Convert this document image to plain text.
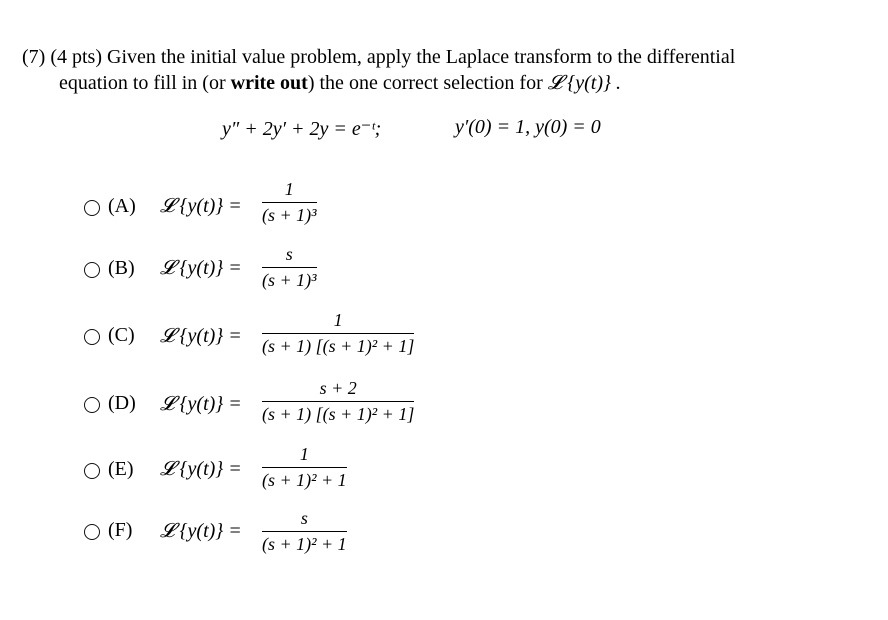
(7) (4 pts) Given the initial value problem, apply the Laplace transform to the differential
equation to fill in (or write out) the one correct selection for 𝓛 {y(t)} .
y″ + 2y′ + 2y = e⁻ᵗ;	y′(0) = 1, y(0) = 0
(A) 𝓛 $\{y(t)\} = \frac{1}{\text{(s + 1)³}}$
(B) 𝓛 $\{y(t)\} = \frac{s}{\text{(s + 1)³}}$
(C) 𝓛 $\{y(t)\} = \frac{1}{\text{(s + 1) [(s + 1)² + 1]}}$
(D) 𝓛 $\{y(t)\} = \frac{s + 2}{\text{(s + 1) [(s + 1)² + 1]}}$
(E) 𝓛 $\{y(t)\} = \frac{1}{\text{(s + 1)² + 1}}$
(F) 𝓛 $\{y(t)\} = \frac{s}{\text{(s + 1)² + 1}}$
